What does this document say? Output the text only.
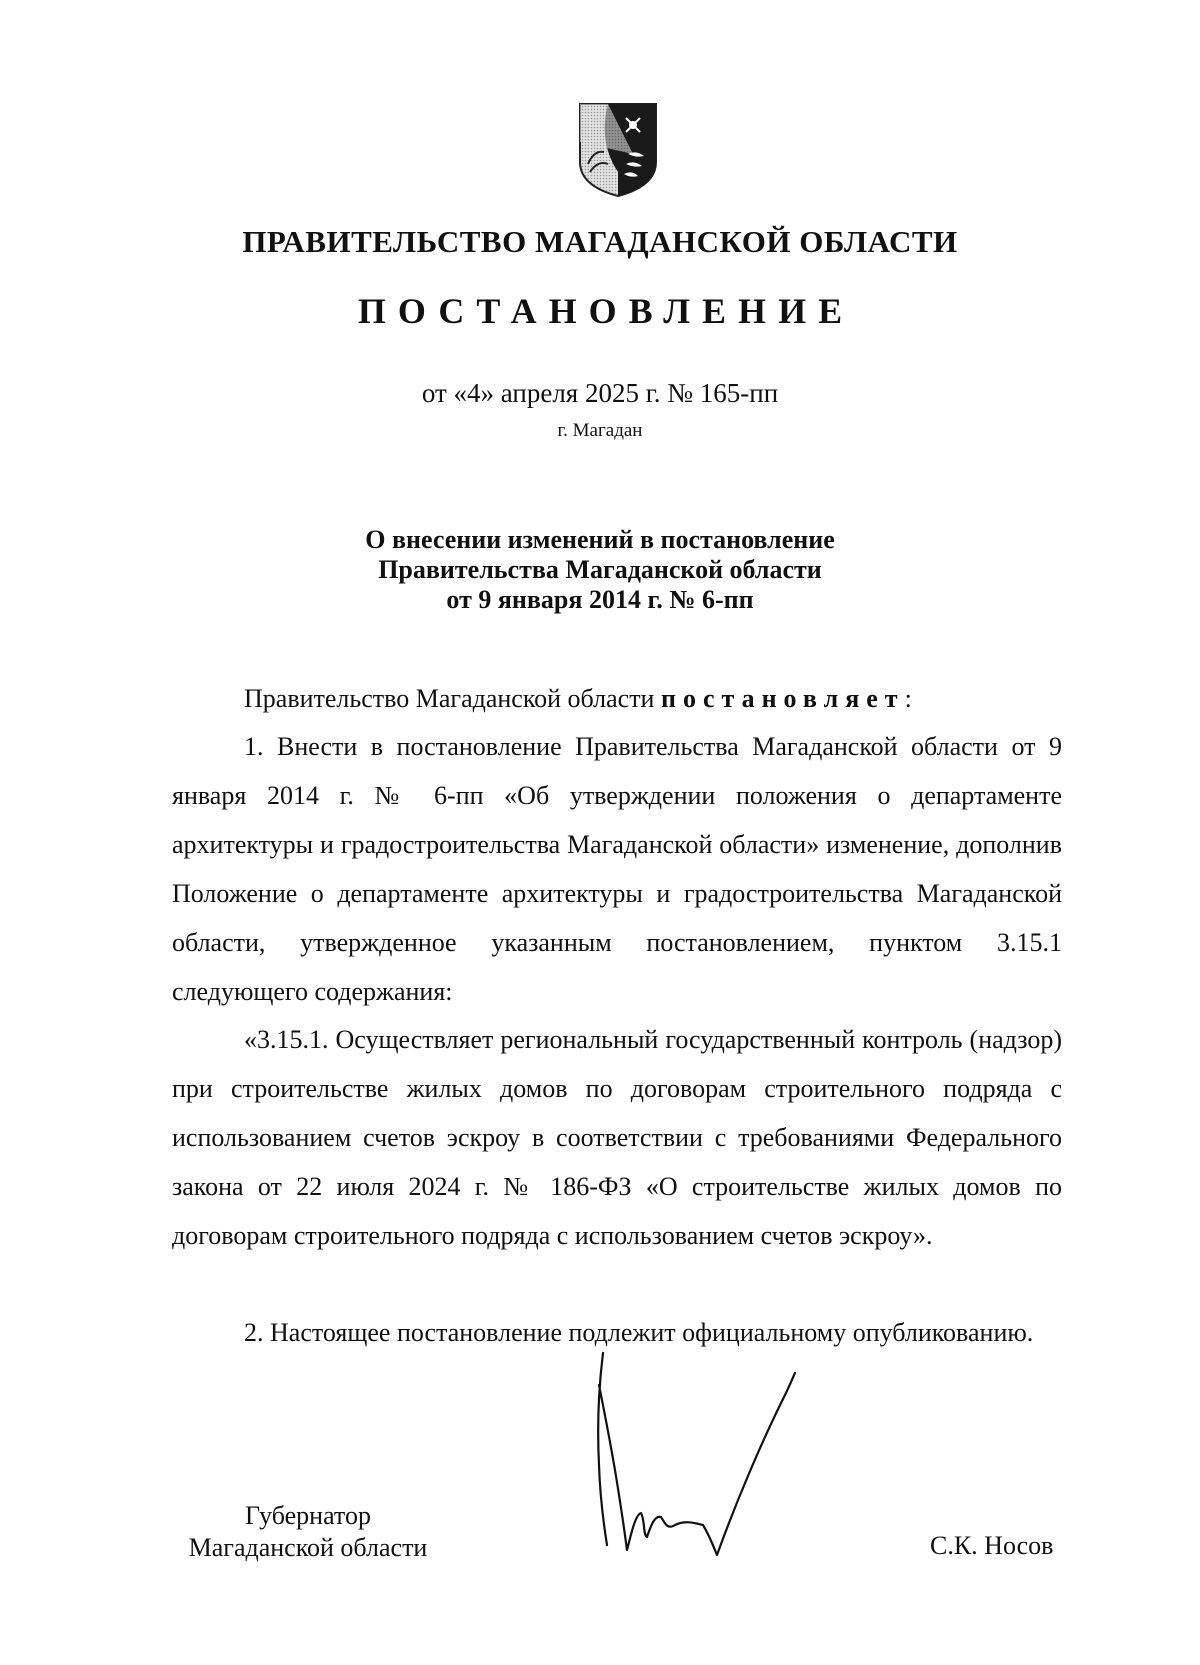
ПРАВИТЕЛЬСТВО МАГАДАНСКОЙ ОБЛАСТИ
ПОСТАНОВЛЕНИЕ
от «4» апреля 2025 г. № 165-пп
г. Магадан
О внесении изменений в постановление
Правительства Магаданской области
от 9 января 2014 г. № 6-пп
Правительство Магаданской области постановляет:

1. Внести в постановление Правительства Магаданской области от 9 января 2014 г. № 6-пп «Об утверждении положения о департаменте архитектуры и градостроительства Магаданской области» изменение, дополнив Положение о департаменте архитектуры и градостроительства Магаданской области, утвержденное указанным постановлением, пунктом 3.15.1 следующего содержания:

«3.15.1. Осуществляет региональный государственный контроль (надзор) при строительстве жилых домов по договорам строительного подряда с использованием счетов эскроу в соответствии с требованиями Федерального закона от 22 июля 2024 г. № 186-ФЗ «О строительстве жилых домов по договорам строительного подряда с использованием счетов эскроу».

2. Настоящее постановление подлежит официальному опубликованию.

Губернатор
Магаданской области	С.К. Носов
